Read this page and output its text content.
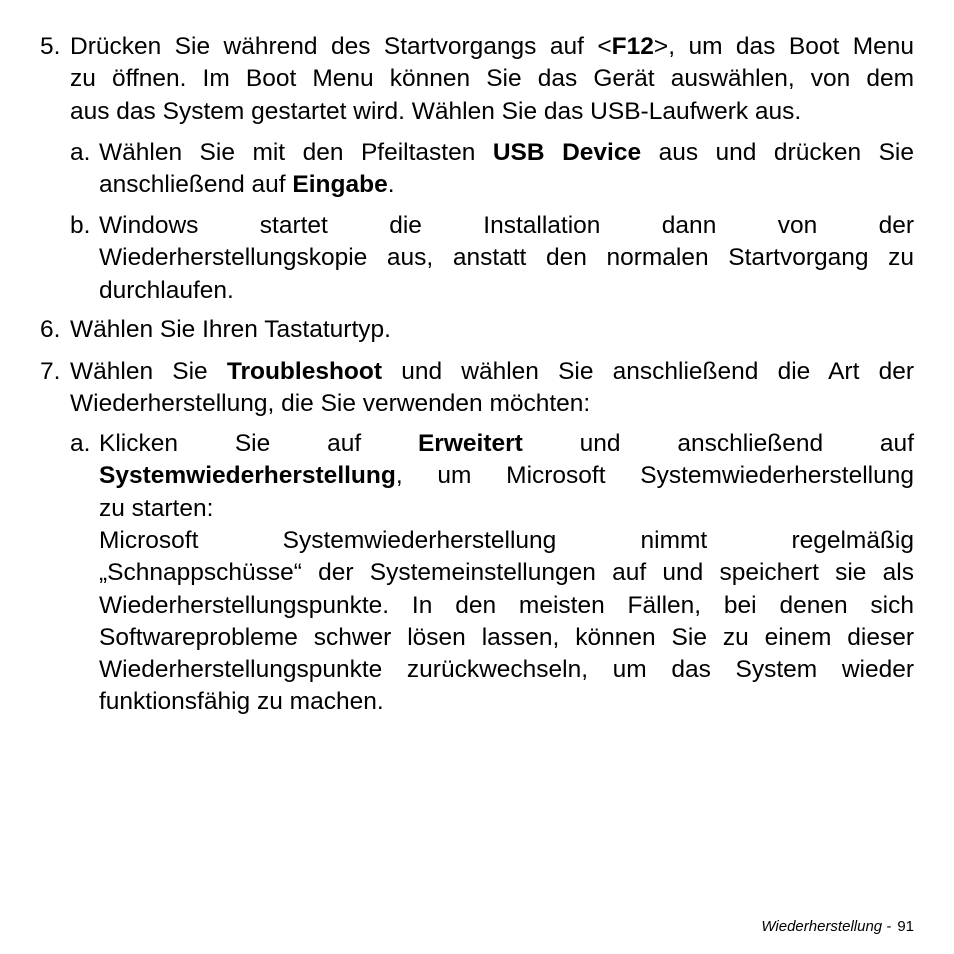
5. Drücken Sie während des Startvorgangs auf <F12>, um das Boot Menu
zu öffnen. Im Boot Menu können Sie das Gerät auswählen, von dem
aus das System gestartet wird. Wählen Sie das USB-Laufwerk aus.
a. Wählen Sie mit den Pfeiltasten USB Device aus und drücken Sie
anschließend auf Eingabe.
b. Windows startet die Installation dann von der
Wiederherstellungskopie aus, anstatt den normalen Startvorgang zu
durchlaufen.
6. Wählen Sie Ihren Tastaturtyp.
7. Wählen Sie Troubleshoot und wählen Sie anschließend die Art der
Wiederherstellung, die Sie verwenden möchten:
a. Klicken Sie auf Erweitert und anschließend auf
Systemwiederherstellung, um Microsoft Systemwiederherstellung
zu starten:
Microsoft Systemwiederherstellung nimmt regelmäßig
„Schnappschüsse“ der Systemeinstellungen auf und speichert sie als
Wiederherstellungspunkte. In den meisten Fällen, bei denen sich
Softwareprobleme schwer lösen lassen, können Sie zu einem dieser
Wiederherstellungspunkte zurückwechseln, um das System wieder
funktionsfähig zu machen.
Wiederherstellung - 91
